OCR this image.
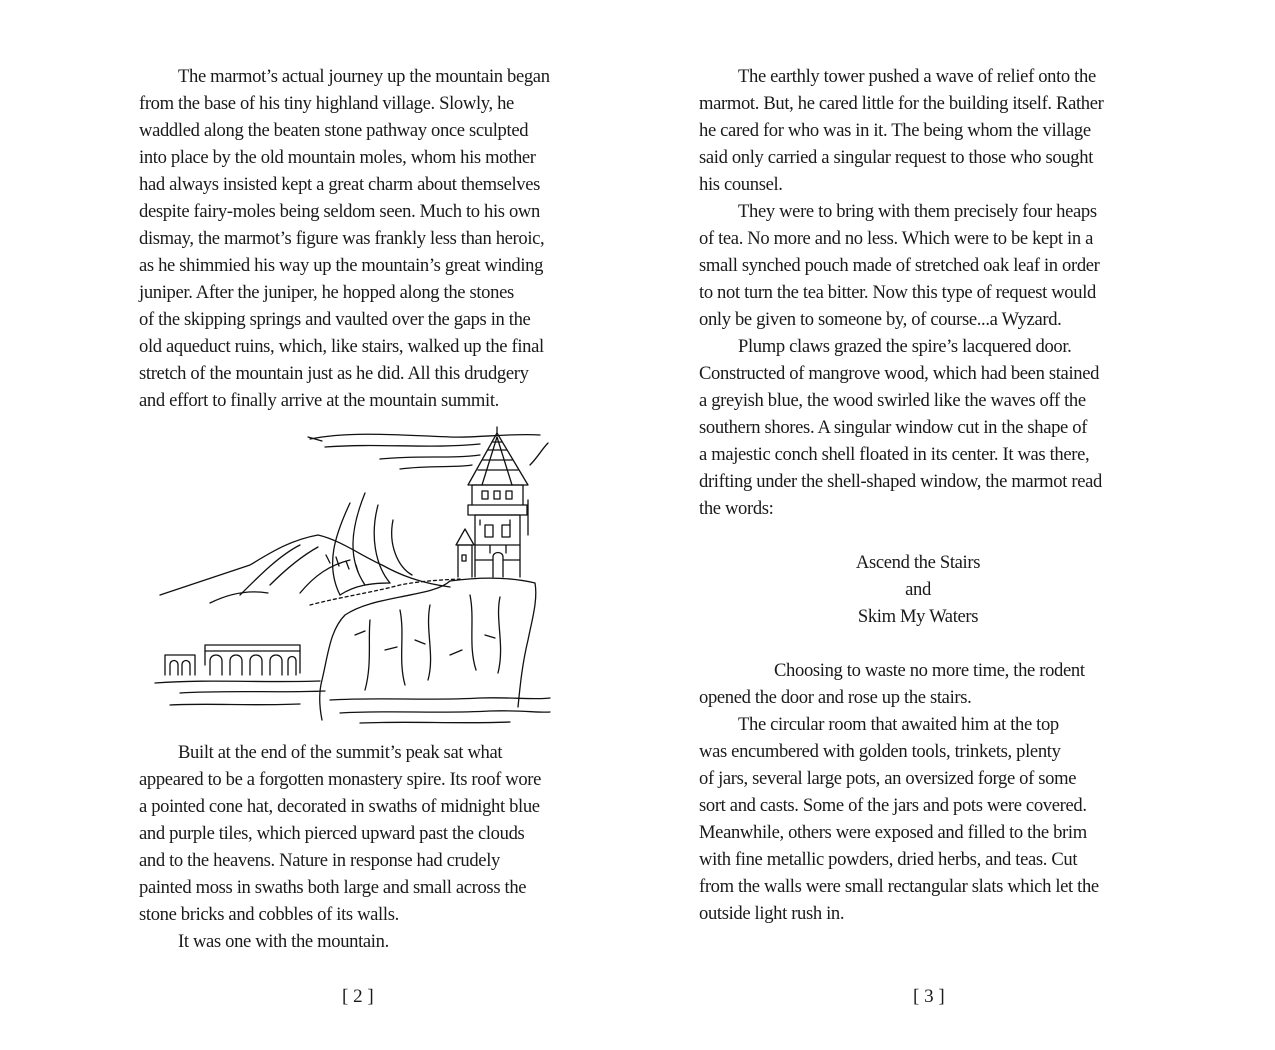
The marmot’s actual journey up the mountain began
from the base of his tiny highland village. Slowly, he
waddled along the beaten stone pathway once sculpted
into place by the old mountain moles, whom his mother
had always insisted kept a great charm about themselves
despite fairy-moles being seldom seen. Much to his own
dismay, the marmot’s figure was frankly less than heroic,
as he shimmied his way up the mountain’s great winding
juniper. After the juniper, he hopped along the stones
of the skipping springs and vaulted over the gaps in the
old aqueduct ruins, which, like stairs, walked up the final
stretch of the mountain just as he did. All this drudgery
and effort to finally arrive at the mountain summit.
Built at the end of the summit’s peak sat what
appeared to be a forgotten monastery spire. Its roof wore
a pointed cone hat, decorated in swaths of midnight blue
and purple tiles, which pierced upward past the clouds
and to the heavens. Nature in response had crudely
painted moss in swaths both large and small across the
stone bricks and cobbles of its walls.
It was one with the mountain.
[ 2 ]
The earthly tower pushed a wave of relief onto the
marmot. But, he cared little for the building itself. Rather
he cared for who was in it. The being whom the village
said only carried a singular request to those who sought
his counsel.
They were to bring with them precisely four heaps
of tea. No more and no less. Which were to be kept in a
small synched pouch made of stretched oak leaf in order
to not turn the tea bitter. Now this type of request would
only be given to someone by, of course...a Wyzard.
Plump claws grazed the spire’s lacquered door.
Constructed of mangrove wood, which had been stained
a greyish blue, the wood swirled like the waves off the
southern shores. A singular window cut in the shape of
a majestic conch shell floated in its center. It was there,
drifting under the shell-shaped window, the marmot read
the words:
Ascend the Stairs
and
Skim My Waters
Choosing to waste no more time, the rodent
opened the door and rose up the stairs.
The circular room that awaited him at the top
was encumbered with golden tools, trinkets, plenty
of jars, several large pots, an oversized forge of some
sort and casts. Some of the jars and pots were covered.
Meanwhile, others were exposed and filled to the brim
with fine metallic powders, dried herbs, and teas. Cut
from the walls were small rectangular slats which let the
outside light rush in.
[ 3 ]
